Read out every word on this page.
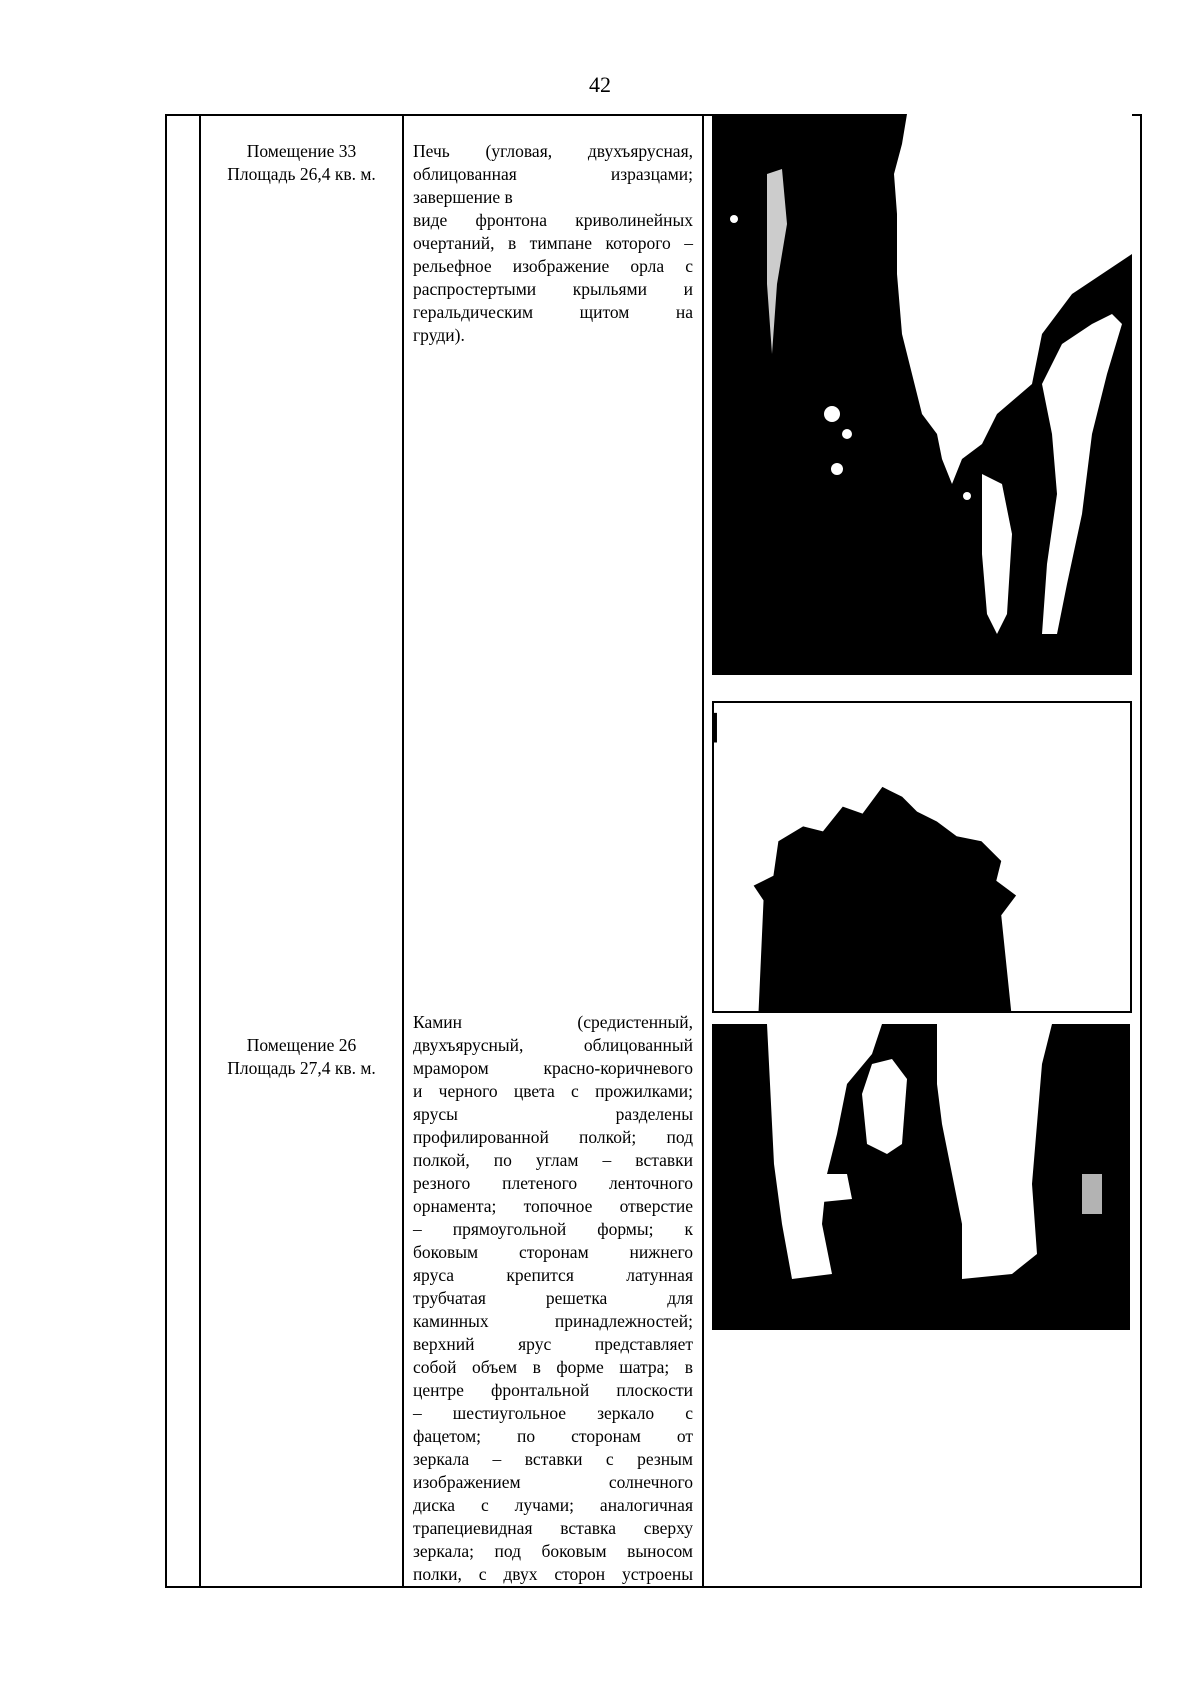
42
Помещение 33
Площадь 26,4 кв. м.
Печь (угловая, двухъярусная,
облицованная изразцами;
завершение в
виде фронтона криволинейных
очертаний, в тимпане которого –
рельефное изображение орла с
распростертыми крыльями и
геральдическим щитом на
груди).
Помещение 26
Площадь 27,4 кв. м.
Камин (средистенный,
двухъярусный, облицованный
мрамором красно-коричневого
и черного цвета с прожилками;
ярусы разделены
профилированной полкой; под
полкой, по углам – вставки
резного плетеного ленточного
орнамента; топочное отверстие
– прямоугольной формы; к
боковым сторонам нижнего
яруса крепится латунная
трубчатая решетка для
каминных принадлежностей;
верхний ярус представляет
собой объем в форме шатра; в
центре фронтальной плоскости
– шестиугольное зеркало с
фацетом; по сторонам от
зеркала – вставки с резным
изображением солнечного
диска с лучами; аналогичная
трапециевидная вставка сверху
зеркала; под боковым выносом
полки, с двух сторон устроены
